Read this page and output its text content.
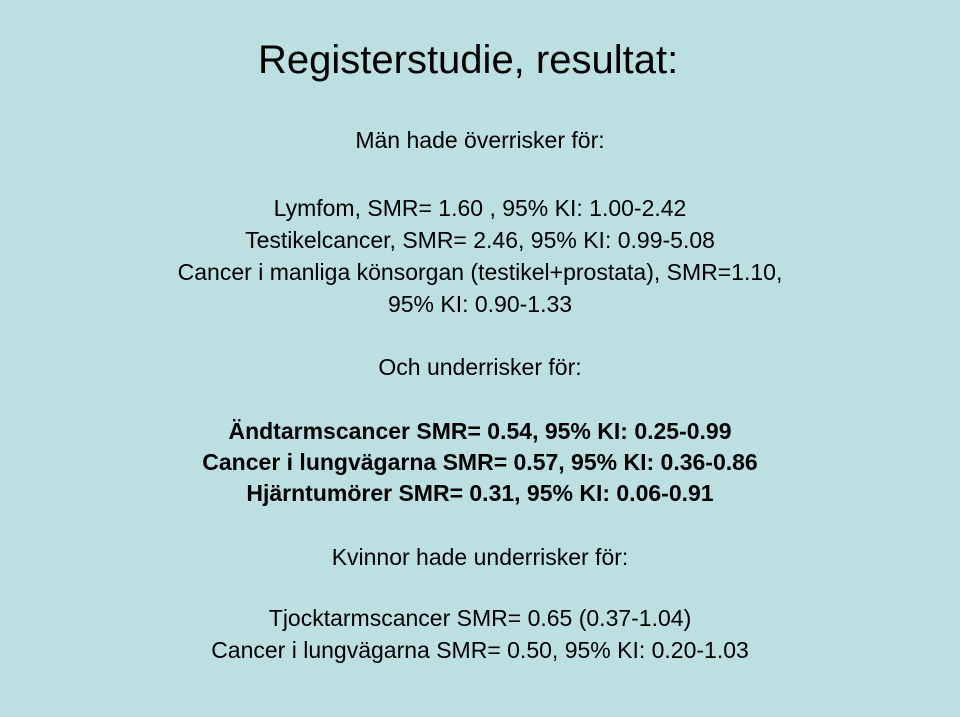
Registerstudie, resultat:
Män hade överrisker för:
Lymfom, SMR= 1.60 , 95% KI: 1.00-2.42
Testikelcancer, SMR= 2.46, 95% KI: 0.99-5.08
Cancer i manliga könsorgan (testikel+prostata), SMR=1.10,
95% KI: 0.90-1.33
Och underrisker för:
Ändtarmscancer SMR= 0.54, 95% KI: 0.25-0.99
Cancer i lungvägarna SMR= 0.57, 95% KI: 0.36-0.86
Hjärntumörer SMR= 0.31, 95% KI: 0.06-0.91
Kvinnor hade underrisker för:
Tjocktarmscancer SMR= 0.65 (0.37-1.04)
Cancer i lungvägarna SMR= 0.50, 95% KI: 0.20-1.03
